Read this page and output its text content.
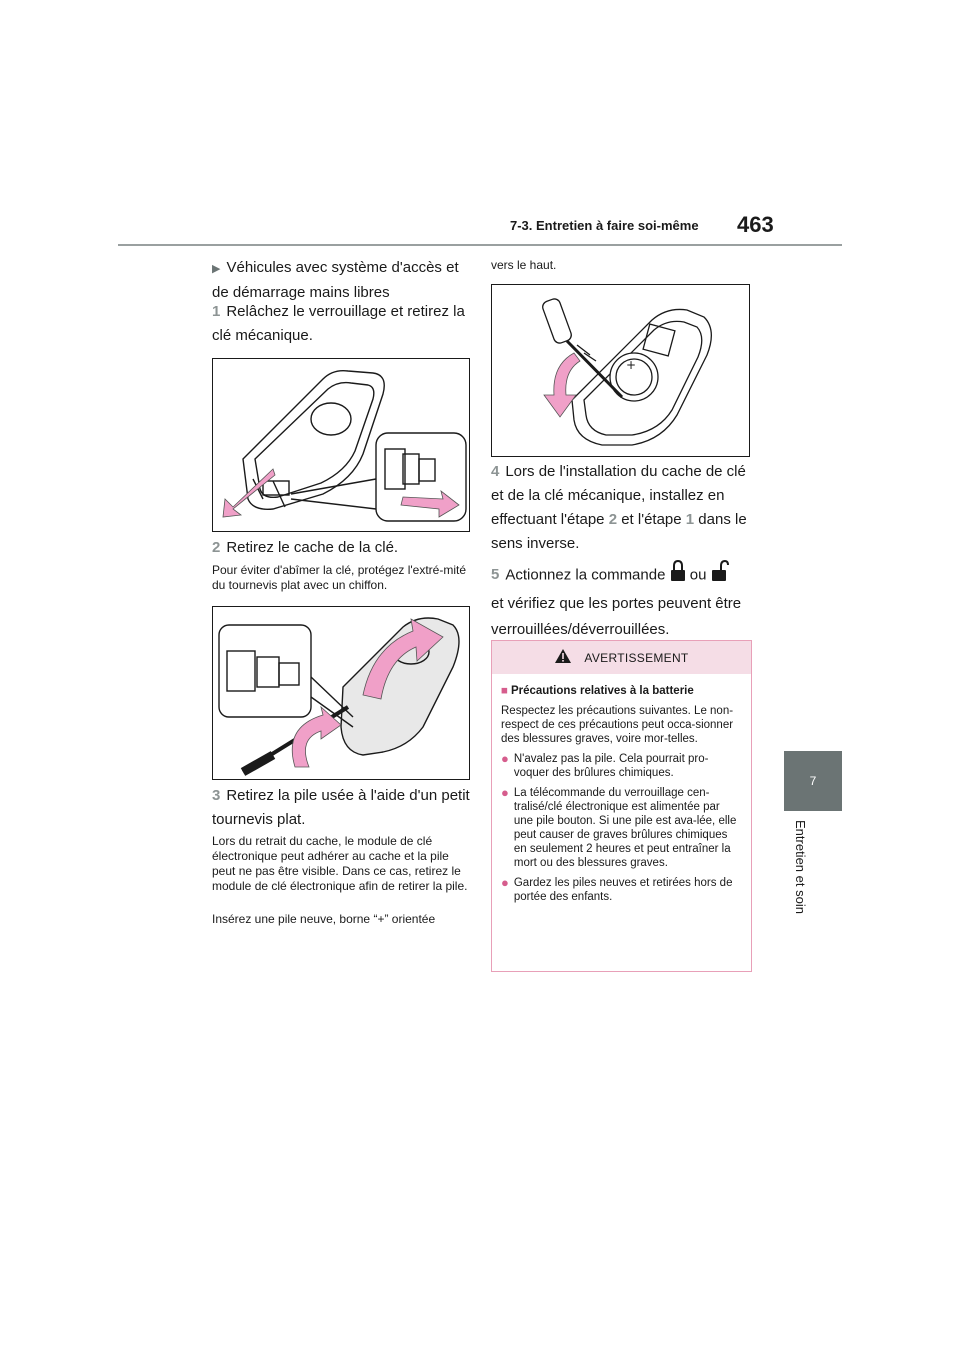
7-3. Entretien à faire soi-même 463
7
Entretien et soin
▶ Véhicules avec système d'accès et de démarrage mains libres
1 Relâchez le verrouillage et retirez la clé mécanique.
2 Retirez le cache de la clé.
Pour éviter d'abîmer la clé, protégez l'extré-mité du tournevis plat avec un chiffon.
3 Retirez la pile usée à l'aide d'un petit tournevis plat.
Lors du retrait du cache, le module de clé électronique peut adhérer au cache et la pile peut ne pas être visible. Dans ce cas, retirez le module de clé électronique afin de retirer la pile.
Insérez une pile neuve, borne “+” orientée
vers le haut.
+
4 Lors de l'installation du cache de clé et de la clé mécanique, installez en effectuant l'étape 2 et l'étape 1 dans le sens inverse.
5 Actionnez la commande ou
et vérifiez que les portes peuvent être verrouillées/déverrouillées.
AVERTISSEMENT

■ Précautions relatives à la batterie

Respectez les précautions suivantes. Le non-respect de ces précautions peut occa-sionner des blessures graves, voire mor-telles.

● N'avalez pas la pile. Cela pourrait pro-voquer des brûlures chimiques.
● La télécommande du verrouillage cen-tralisé/clé électronique est alimentée par une pile bouton. Si une pile est ava-lée, elle peut causer de graves brûlures chimiques en seulement 2 heures et peut entraîner la mort ou des blessures graves.
● Gardez les piles neuves et retirées hors de portée des enfants.
